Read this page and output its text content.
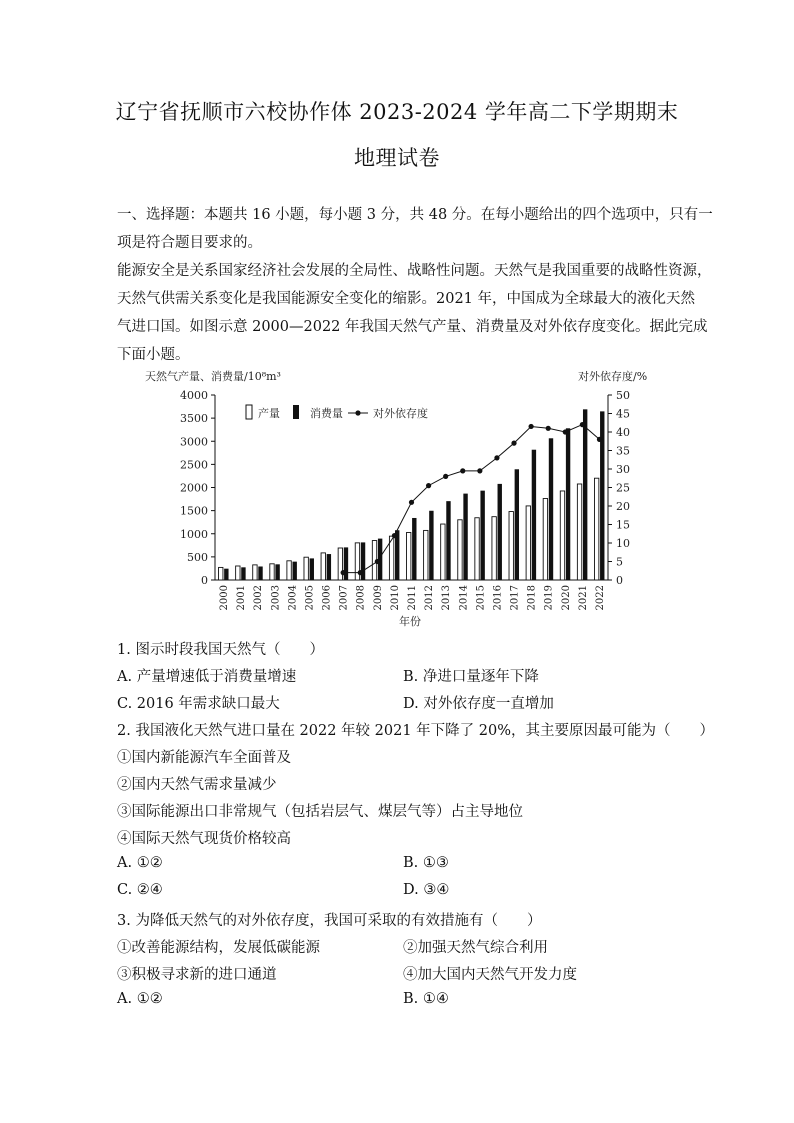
辽宁省抚顺市六校协作体 2023-2024 学年高二下学期期末
地理试卷
一、选择题：本题共 16 小题，每小题 3 分，共 48 分。在每小题给出的四个选项中，只有一
项是符合题目要求的。
能源安全是关系国家经济社会发展的全局性、战略性问题。天然气是我国重要的战略性资源，
天然气供需关系变化是我国能源安全变化的缩影。2021 年，中国成为全球最大的液化天然
气进口国。如图示意 2000—2022 年我国天然气产量、消费量及对外依存度变化。据此完成
下面小题。
天然气产量、消费量/10⁸m³	对外依存度/%
0
500
1000
1500
2000
2500
3000
3500
4000
0
5
10
15
20
25
30
35
40
45
50
2000 2001 2002 2003 2004 2005 2006 2007 2008 2009 2010 2011 2012 2013 2014 2015 2016 2017 2018 2019 2020 2021 2022
产量	消费量	对外依存度
年份
1. 图示时段我国天然气（　　）
A. 产量增速低于消费量增速	B. 净进口量逐年下降
C. 2016 年需求缺口最大	D. 对外依存度一直增加
2. 我国液化天然气进口量在 2022 年较 2021 年下降了 20%，其主要原因最可能为（　　）
①国内新能源汽车全面普及
②国内天然气需求量减少
③国际能源出口非常规气（包括岩层气、煤层气等）占主导地位
④国际天然气现货价格较高
A. ①②	B. ①③
C. ②④	D. ③④
3. 为降低天然气的对外依存度，我国可采取的有效措施有（　　）
①改善能源结构，发展低碳能源	②加强天然气综合利用
③积极寻求新的进口通道	④加大国内天然气开发力度
A. ①②	B. ①④
